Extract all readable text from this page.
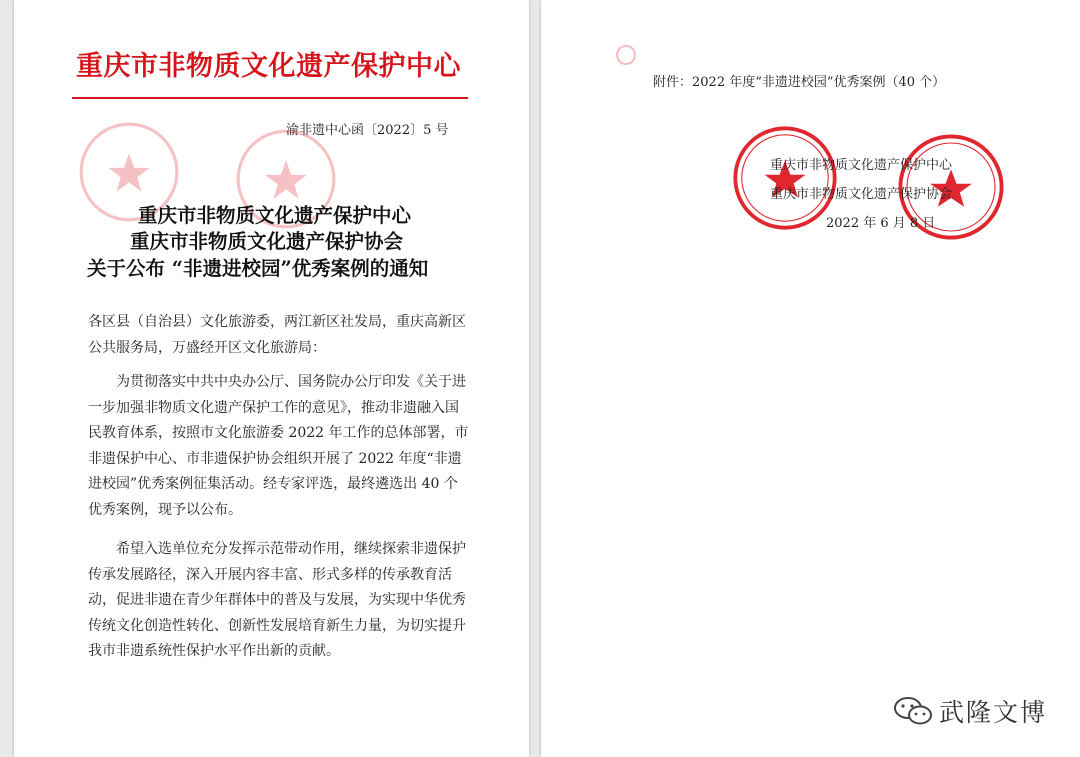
重庆市非物质文化遗产保护中心
渝非遗中心函〔2022〕5 号
重庆市非物质文化遗产保护中心
重庆市非物质文化遗产保护协会
关于公布 “非遗进校园”优秀案例的通知
各区县（自治县）文化旅游委，两江新区社发局，重庆高新区公共服务局，万盛经开区文化旅游局：
为贯彻落实中共中央办公厅、国务院办公厅印发《关于进一步加强非物质文化遗产保护工作的意见》，推动非遗融入国民教育体系，按照市文化旅游委 2022 年工作的总体部署，市非遗保护中心、市非遗保护协会组织开展了 2022 年度“非遗进校园”优秀案例征集活动。经专家评选，最终遴选出 40 个优秀案例，现予以公布。
希望入选单位充分发挥示范带动作用，继续探索非遗保护传承发展路径，深入开展内容丰富、形式多样的传承教育活动，促进非遗在青少年群体中的普及与发展，为实现中华优秀传统文化创造性转化、创新性发展培育新生力量，为切实提升我市非遗系统性保护水平作出新的贡献。
附件：2022 年度“非遗进校园”优秀案例（40 个）
重庆市非物质文化遗产保护中心
重庆市非物质文化遗产保护协会
2022 年 6 月 8 日
武隆文博
